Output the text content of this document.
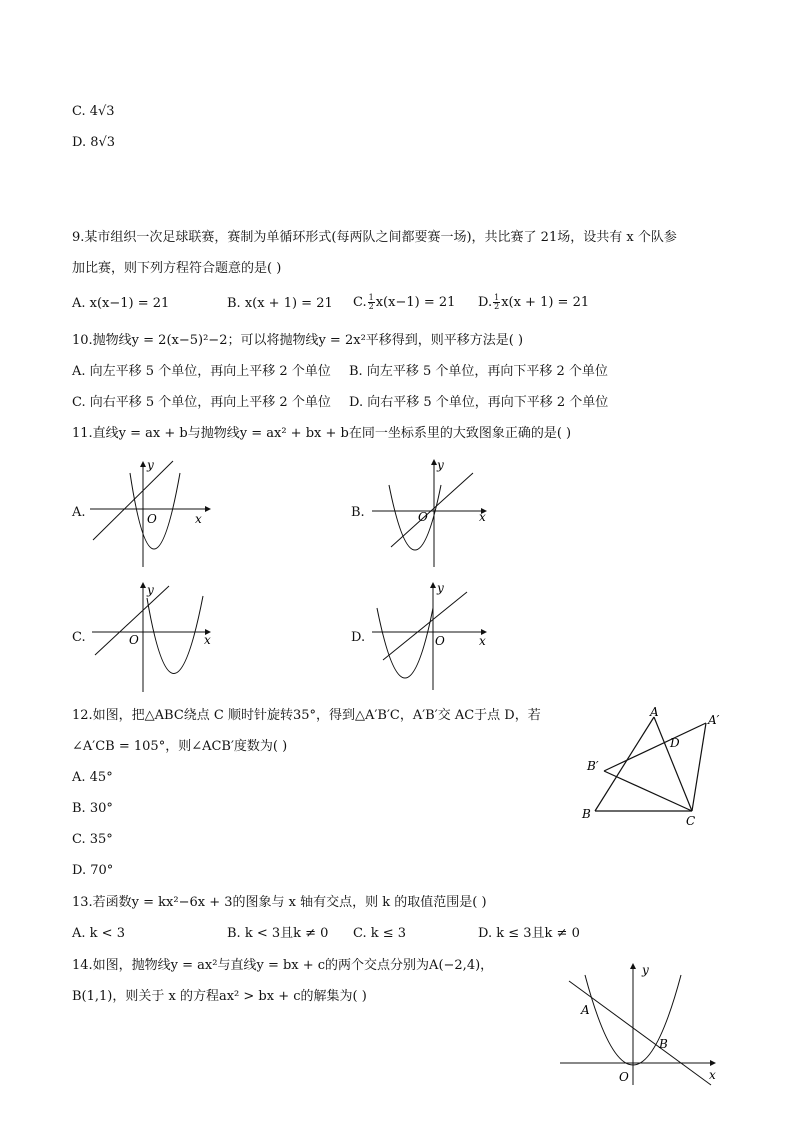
C. 4√3
D. 8√3
9.某市组织一次足球联赛，赛制为单循环形式(每两队之间都要赛一场)，共比赛了 21场，设共有 x 个队参
加比赛，则下列方程符合题意的是( )
A. x(x−1) = 21	B. x(x + 1) = 21 C. $\frac{1}{2} x(x-1) = 21$ D. $\frac{1}{2} x(x + 1) = 21$
10.抛物线y = 2(x−5)²−2；可以将抛物线y = 2x²平移得到，则平移方法是( )
A. 向左平移 5 个单位，再向上平移 2 个单位 B. 向左平移 5 个单位，再向下平移 2 个单位
C. 向右平移 5 个单位，再向上平移 2 个单位 D. 向右平移 5 个单位，再向下平移 2 个单位
11.直线y = ax + b与抛物线y = ax² + bx + b在同一坐标系里的大致图象正确的是( )
A.
y
x
O	B.
y
x
O
C.
y
x
O	D.
y
x
O
12.如图，把△ABC绕点 C 顺时针旋转35°，得到△A′B′C，A′B′交 AC于点 D，若
∠A′CB = 105°，则∠ACB′度数为( )
A. 45°
B. 30°
C. 35°
D. 70°
A
A′
D
B′
B	C
13.若函数y = kx²−6x + 3的图象与 x 轴有交点，则 k 的取值范围是( )
A. k < 3	B. k < 3且k ≠ 0 C. k ≤ 3	D. k ≤ 3且k ≠ 0
14.如图，抛物线y = ax²与直线y = bx + c的两个交点分别为A(−2,4)，
B(1,1)，则关于 x 的方程ax² > bx + c的解集为( )
y
x
O
A
B
